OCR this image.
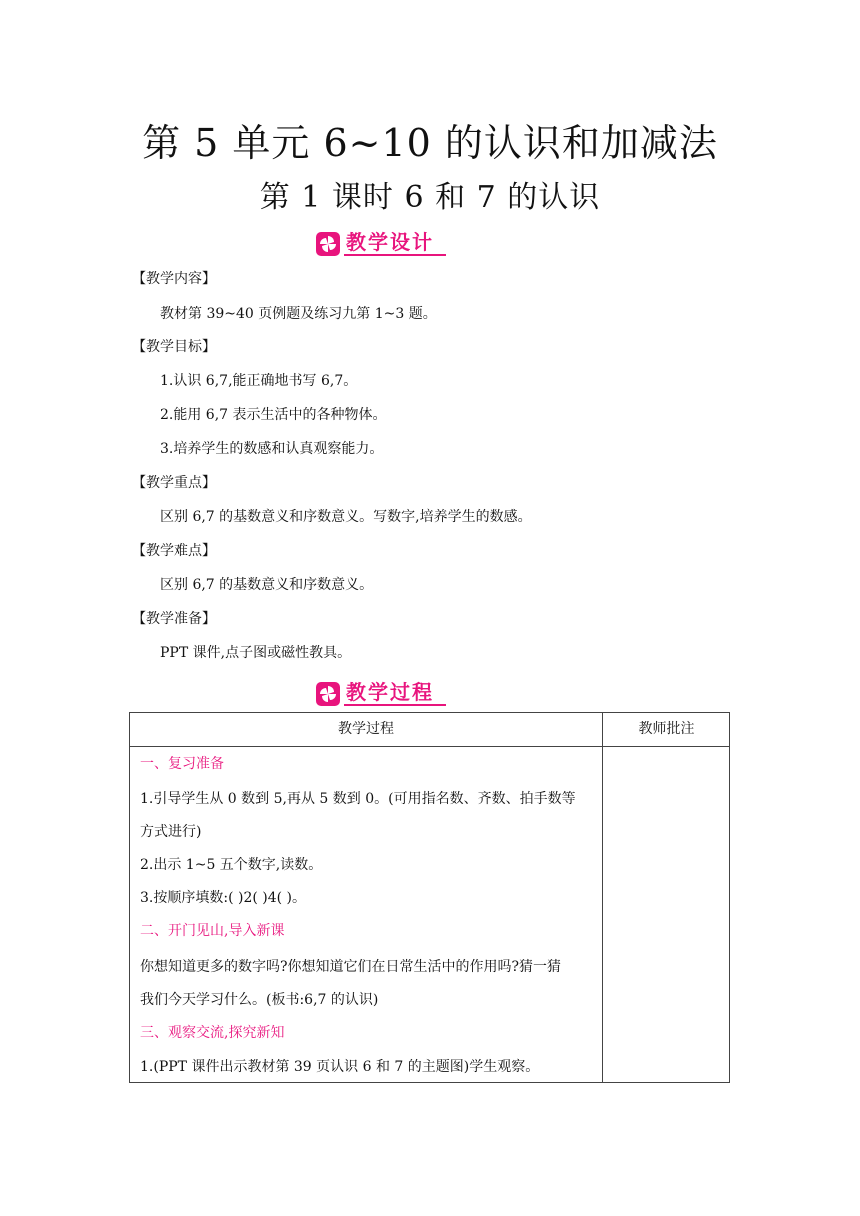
第 5 单元 6~10 的认识和加减法
第 1 课时 6 和 7 的认识
教学设计
【教学内容】
教材第 39~40 页例题及练习九第 1~3 题。
【教学目标】
1.认识 6,7,能正确地书写 6,7。
2.能用 6,7 表示生活中的各种物体。
3.培养学生的数感和认真观察能力。
【教学重点】
区别 6,7 的基数意义和序数意义。写数字,培养学生的数感。
【教学难点】
区别 6,7 的基数意义和序数意义。
【教学准备】
PPT 课件,点子图或磁性教具。
教学过程
教学过程	教师批注
一、复习准备
1.引导学生从 0 数到 5,再从 5 数到 0。(可用指名数、齐数、拍手数等
方式进行)
2.出示 1~5 五个数字,读数。
3.按顺序填数:( )2( )4( )。
二、开门见山,导入新课
你想知道更多的数字吗?你想知道它们在日常生活中的作用吗?猜一猜
我们今天学习什么。(板书:6,7 的认识)
三、观察交流,探究新知
1.(PPT 课件出示教材第 39 页认识 6 和 7 的主题图)学生观察。
